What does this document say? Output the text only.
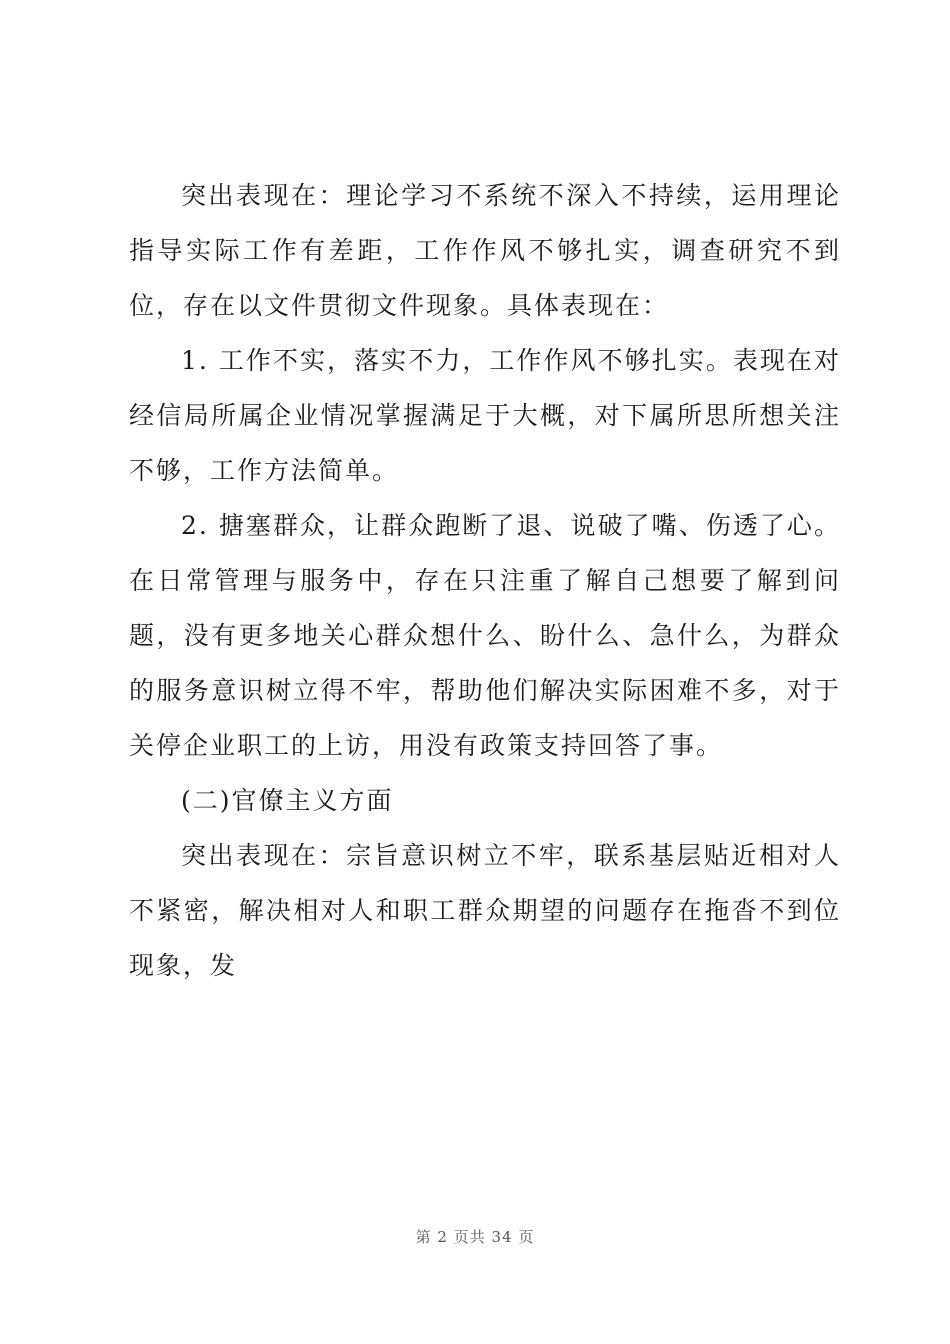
突出表现在：理论学习不系统不深入不持续，运用理论指导实际工作有差距，工作作风不够扎实，调查研究不到位，存在以文件贯彻文件现象。具体表现在：

1. 工作不实，落实不力，工作作风不够扎实。表现在对经信局所属企业情况掌握满足于大概，对下属所思所想关注不够，工作方法简单。

2. 搪塞群众，让群众跑断了退、说破了嘴、伤透了心。在日常管理与服务中，存在只注重了解自己想要了解到问题，没有更多地关心群众想什么、盼什么、急什么，为群众的服务意识树立得不牢，帮助他们解决实际困难不多，对于关停企业职工的上访，用没有政策支持回答了事。

(二)官僚主义方面

突出表现在：宗旨意识树立不牢，联系基层贴近相对人不紧密，解决相对人和职工群众期望的问题存在拖沓不到位现象，发

第 2 页共 34 页
